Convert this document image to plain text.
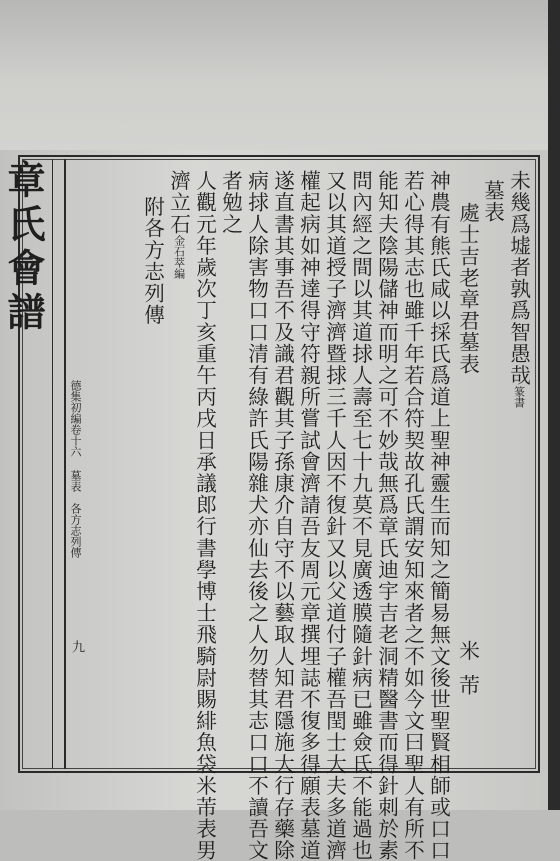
未幾爲墟者孰爲智愚哉篆書
墓表
處士吉老章君墓表
米芾
神農有熊氏咸以採氏爲道上聖神靈生而知之簡易無文後世聖賢相師或口口
若心得其志也雖千年若合符契故孔氏謂安知來者之不如今文曰聖人有所不
能知夫陰陽儲神而明之可不妙哉無爲章氏迪宇吉老洞精醫書而得針刺於素
問內經之間以其道捄人壽至七十九莫不見廣透膜隨針病已雖僉氏不能過也
又以其道授子濟濟暨捄三千人因不復針又以父道付子權吾閏士大夫多道濟
權起病如神達得守符親所嘗試會濟請吾友周元章撰埋誌不復多得願表墓道
遂直書其事吾不及識君觀其子孫康介自守不以藝取人知君隱施大行存藥除
病捄人除害物口口清有綠許氏陽雜犬亦仙去後之人勿替其志口口不讀吾文
者勉之
人觀元年歲次丁亥重午丙戌日承議郎行書學博士飛騎尉賜緋魚袋米芾表男
濟立石金石萃編
附各方志列傳
章氏會譜
德集初編卷十六
墓表　各方志列傳
九
